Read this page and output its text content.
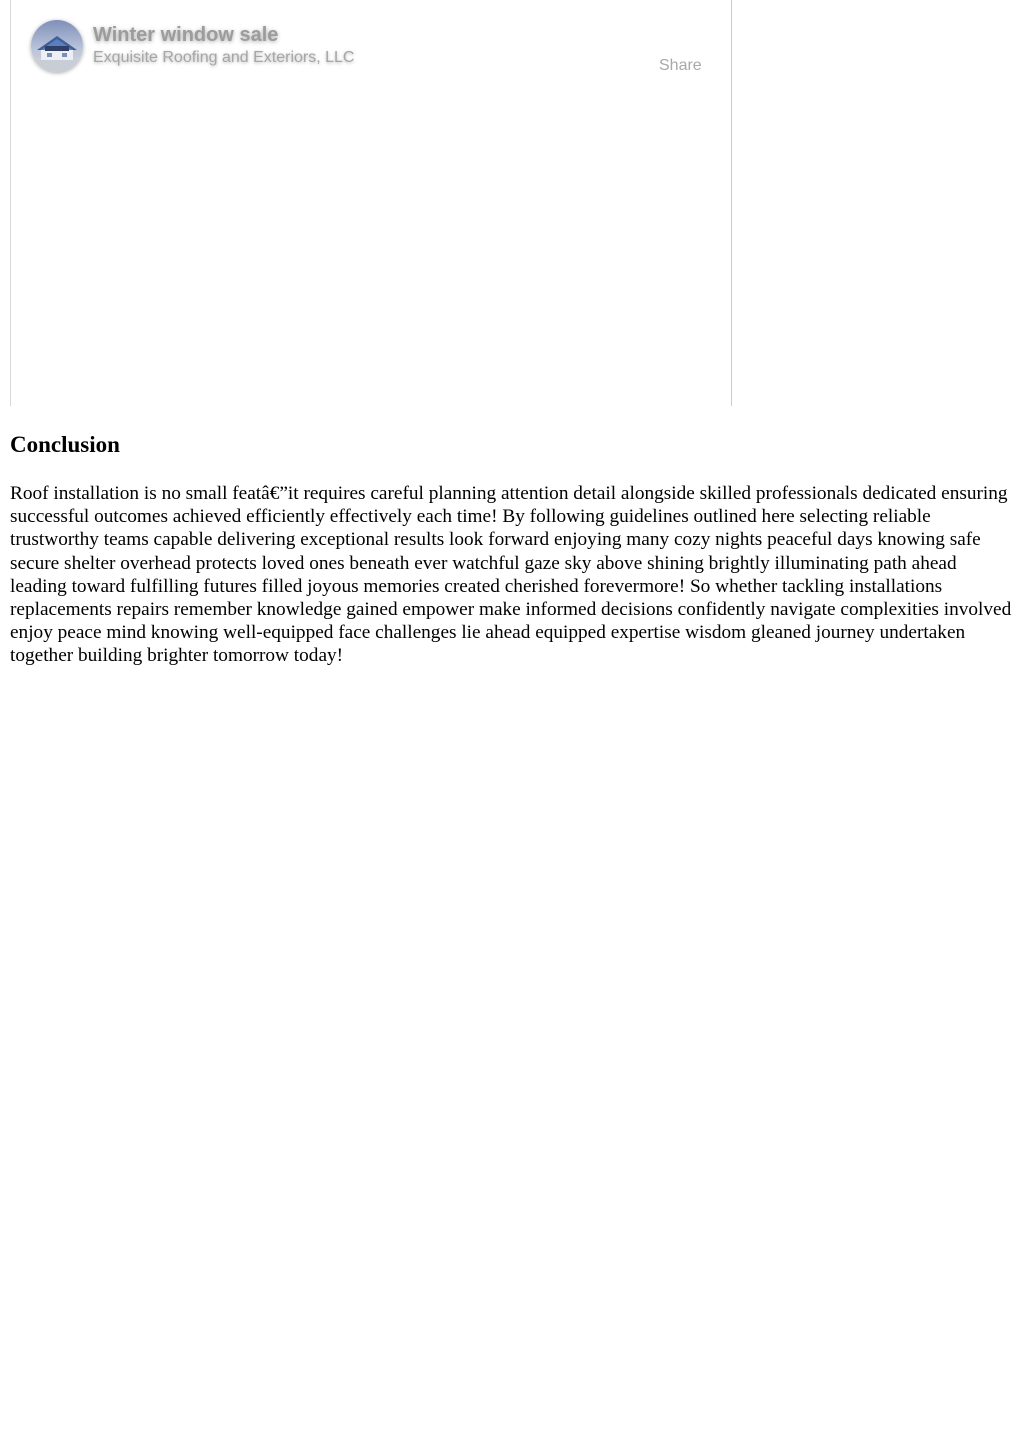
Winter window sale
Exquisite Roofing and Exteriors, LLC	Share
Conclusion

Roof installation is no small featâ€”it requires careful planning attention detail alongside skilled professionals dedicated ensuring successful outcomes achieved efficiently effectively each time! By following guidelines outlined here selecting reliable trustworthy teams capable delivering exceptional results look forward enjoying many cozy nights peaceful days knowing safe secure shelter overhead protects loved ones beneath ever watchful gaze sky above shining brightly illuminating path ahead leading toward fulfilling futures filled joyous memories created cherished forevermore! So whether tackling installations replacements repairs remember knowledge gained empower make informed decisions confidently navigate complexities involved enjoy peace mind knowing well-equipped face challenges lie ahead equipped expertise wisdom gleaned journey undertaken together building brighter tomorrow today!
